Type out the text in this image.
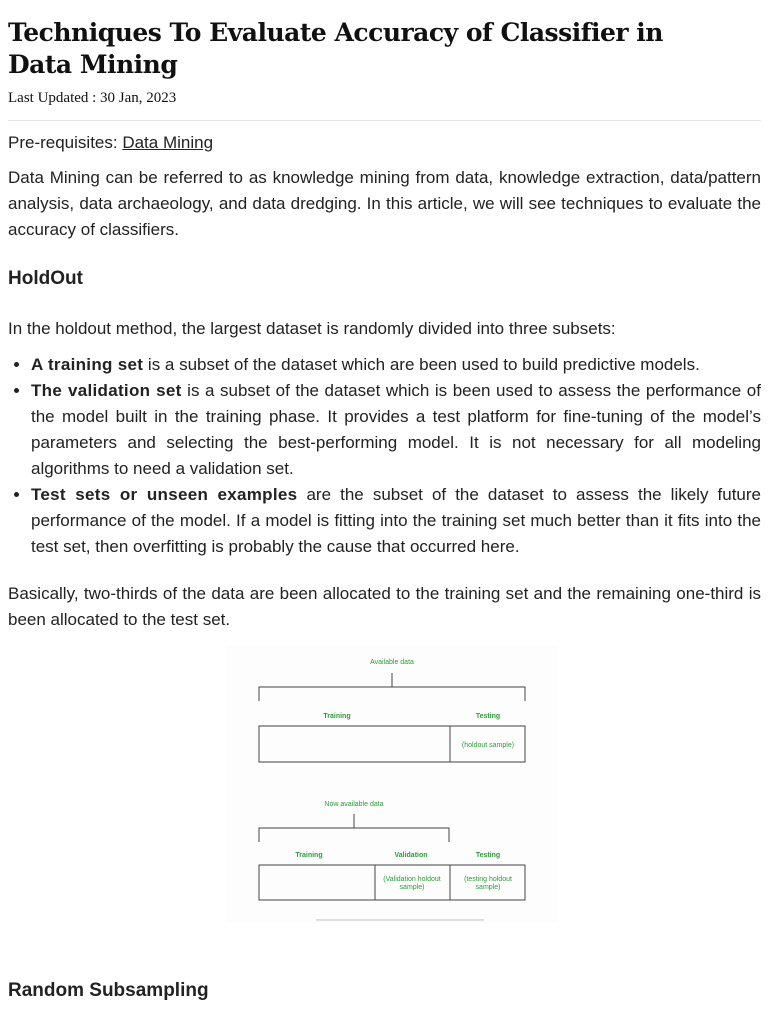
Techniques To Evaluate Accuracy of Classifier in Data Mining
Last Updated : 30 Jan, 2023
Pre-requisites: Data Mining

Data Mining can be referred to as knowledge mining from data, knowledge extraction, data/pattern analysis, data archaeology, and data dredging. In this article, we will see techniques to evaluate the accuracy of classifiers.

HoldOut

In the holdout method, the largest dataset is randomly divided into three subsets:

• A training set is a subset of the dataset which are been used to build predictive models.
• The validation set is a subset of the dataset which is been used to assess the performance of the model built in the training phase. It provides a test platform for fine-tuning of the model’s parameters and selecting the best-performing model. It is not necessary for all modeling algorithms to need a validation set.
• Test sets or unseen examples are the subset of the dataset to assess the likely future performance of the model. If a model is fitting into the training set much better than it fits into the test set, then overfitting is probably the cause that occurred here.

Basically, two-thirds of the data are been allocated to the training set and the remaining one-third is been allocated to the test set.

Available data
Training	Testing
(holdout sample)
Now available data
Training	Validation	Testing
(Validation holdout
sample)
(testing holdout
sample)
Random Subsampling
